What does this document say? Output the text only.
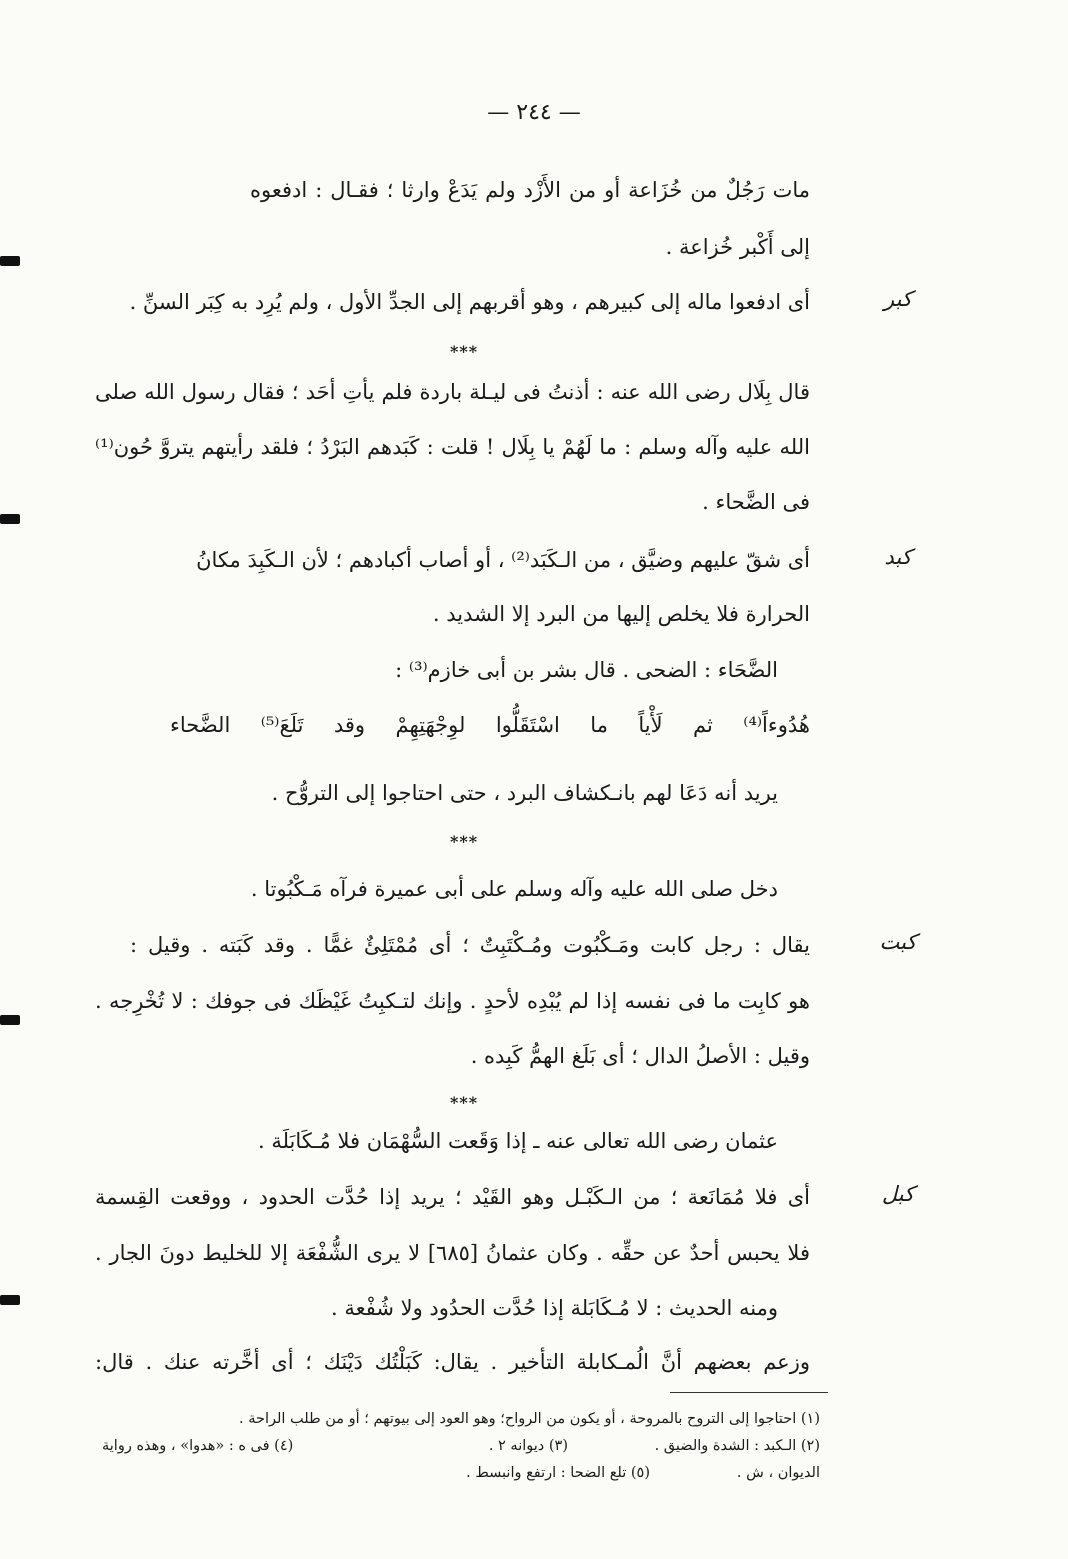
— ٢٤٤ —
مات رَجُلٌ من خُزَاعة أو من الأَزْد ولم يَدَعْ وارثا ؛ فقـال : ادفعوه
إلى أَكْبر خُزاعة .
كبر
أى ادفعوا ماله إلى كبيرهم ، وهو أقربهم إلى الجدِّ الأول ، ولم يُرِد به كِبَر السنِّ .
***
قال بِلَال رضى الله عنه : أذنتُ فى ليـلة باردة فلم يأتِ أحَد ؛ فقال رسول الله صلى
الله عليه وآله وسلم : ما لَهُمْ يا بِلَال ! قلت : كَبَدهم البَرْدُ ؛ فلقد رأيتهم يتروَّ حُون⁽¹⁾
فى الضَّحاء .
كبد
أى شقّ عليهم وضيَّق ، من الـكَبَد⁽²⁾ ، أو أصاب أكبادهم ؛ لأن الـكَبِدَ مكانُ
الحرارة فلا يخلص إليها من البرد إلا الشديد .
الضَّحَاء : الضحى . قال بشر بن أبى خازم⁽³⁾ :
هُدُوءاً⁽⁴⁾ ثم لَأْياً ما اسْتَقَلُّوا لوِجْهَتِهِمْ وقد تَلَعَ⁽⁵⁾ الضَّحاء
يريد أنه دَعَا لهم بانـكشاف البرد ، حتى احتاجوا إلى التروُّح .
***
دخل صلى الله عليه وآله وسلم على أبى عميرة فرآه مَـكْبُوتا .
كبت
يقال : رجل كابت ومَـكْبُوت ومُـكْتَبِتٌ ؛ أى مُمْتَلِئٌ غمًّا . وقد كَبَته . وقيل :
هو كابِت ما فى نفسه إذا لم يُبْدِه لأحدٍ . وإنك لتـكبِتُ غَيْظَك فى جوفك : لا تُخْرِجه .
وقيل : الأصلُ الدال ؛ أى بَلَغ الهمُّ كَبِده .
***
عثمان رضى الله تعالى عنه ـ إذا وَقَعت السُّهْمَان فلا مُـكَابَلَة .
كبل
أى فلا مُمَانَعة ؛ من الـكَبْـل وهو القَيْد ؛ يريد إذا حُدَّت الحدود ، ووقعت القِسمة
فلا يحبس أحدٌ عن حقِّه . وكان عثمانُ [٦٨٥] لا يرى الشُّفْعَة إلا للخليط دونَ الجار .
ومنه الحديث : لا مُـكَابَلة إذا حُدَّت الحدُود ولا شُفْعة .
وزعم بعضهم أنَّ الُمـكابلة التأخير . يقال: كَبَلْتُك دَيْنَك ؛ أى أخَّرته عنك . قال:
(١) احتاجوا إلى التروح بالمروحة ، أو يكون من الرواح؛ وهو العود إلى بيوتهم ؛ أو من طلب الراحة .
(٢) الـكبد : الشدة والضيق .
(٣) ديوانه ٢ .
(٤) فى ه : «هدوا» ، وهذه رواية
الديوان ، ش .
(٥) تلع الضحا : ارتفع وانبسط .
